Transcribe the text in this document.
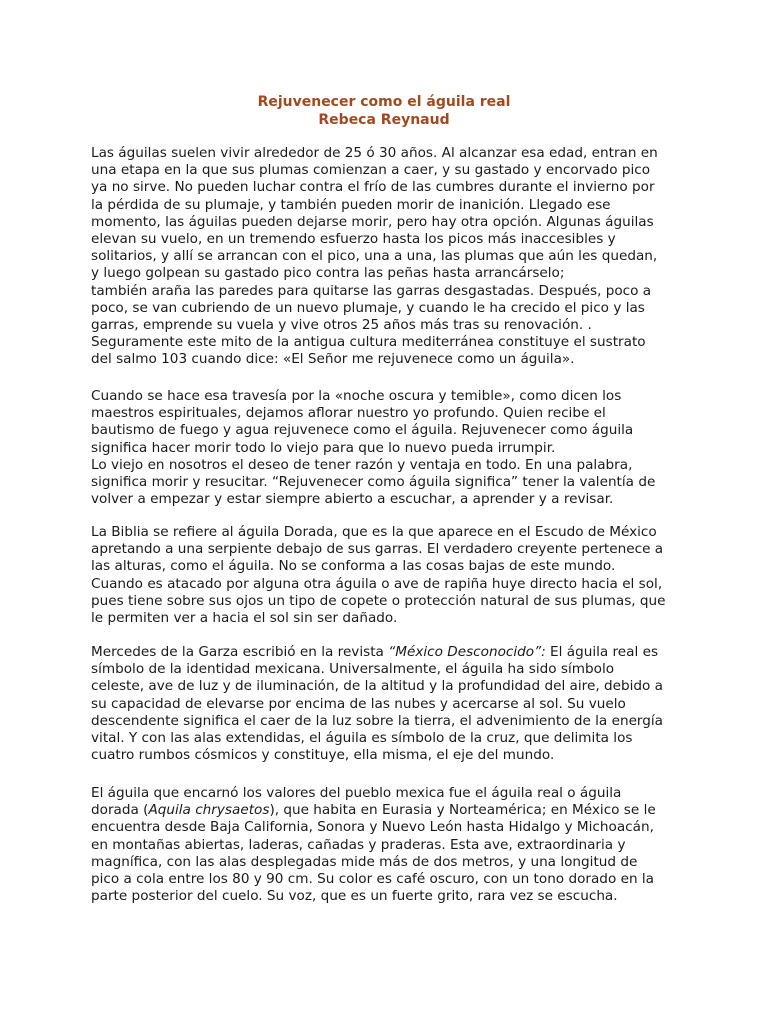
Rejuvenecer como el águila real
Rebeca Reynaud
Las águilas suelen vivir alrededor de 25 ó 30 años. Al alcanzar esa edad, entran en
una etapa en la que sus plumas comienzan a caer, y su gastado y encorvado pico
ya no sirve. No pueden luchar contra el frío de las cumbres durante el invierno por
la pérdida de su plumaje, y también pueden morir de inanición. Llegado ese
momento, las águilas pueden dejarse morir, pero hay otra opción. Algunas águilas
elevan su vuelo, en un tremendo esfuerzo hasta los picos más inaccesibles y
solitarios, y allí se arrancan con el pico, una a una, las plumas que aún les quedan,
y luego golpean su gastado pico contra las peñas hasta arrancárselo;
también araña las paredes para quitarse las garras desgastadas. Después, poco a
poco, se van cubriendo de un nuevo plumaje, y cuando le ha crecido el pico y las
garras, emprende su vuela y vive otros 25 años más tras su renovación. .
Seguramente este mito de la antigua cultura mediterránea constituye el sustrato
del salmo 103 cuando dice: «El Señor me rejuvenece como un águila».
Cuando se hace esa travesía por la «noche oscura y temible», como dicen los
maestros espirituales, dejamos aflorar nuestro yo profundo. Quien recibe el
bautismo de fuego y agua rejuvenece como el águila. Rejuvenecer como águila
significa hacer morir todo lo viejo para que lo nuevo pueda irrumpir.
Lo viejo en nosotros el deseo de tener razón y ventaja en todo. En una palabra,
significa morir y resucitar. “Rejuvenecer como águila significa” tener la valentía de
volver a empezar y estar siempre abierto a escuchar, a aprender y a revisar.
La Biblia se refiere al águila Dorada, que es la que aparece en el Escudo de México
apretando a una serpiente debajo de sus garras. El verdadero creyente pertenece a
las alturas, como el águila. No se conforma a las cosas bajas de este mundo.
Cuando es atacado por alguna otra águila o ave de rapiña huye directo hacia el sol,
pues tiene sobre sus ojos un tipo de copete o protección natural de sus plumas, que
le permiten ver a hacia el sol sin ser dañado.
Mercedes de la Garza escribió en la revista “México Desconocido”: El águila real es
símbolo de la identidad mexicana. Universalmente, el águila ha sido símbolo
celeste, ave de luz y de iluminación, de la altitud y la profundidad del aire, debido a
su capacidad de elevarse por encima de las nubes y acercarse al sol. Su vuelo
descendente significa el caer de la luz sobre la tierra, el advenimiento de la energía
vital. Y con las alas extendidas, el águila es símbolo de la cruz, que delimita los
cuatro rumbos cósmicos y constituye, ella misma, el eje del mundo.
El águila que encarnó los valores del pueblo mexica fue el águila real o águila
dorada (Aquila chrysaetos), que habita en Eurasia y Norteamérica; en México se le
encuentra desde Baja California, Sonora y Nuevo León hasta Hidalgo y Michoacán,
en montañas abiertas, laderas, cañadas y praderas. Esta ave, extraordinaria y
magnífica, con las alas desplegadas mide más de dos metros, y una longitud de
pico a cola entre los 80 y 90 cm. Su color es café oscuro, con un tono dorado en la
parte posterior del cuelo. Su voz, que es un fuerte grito, rara vez se escucha.
